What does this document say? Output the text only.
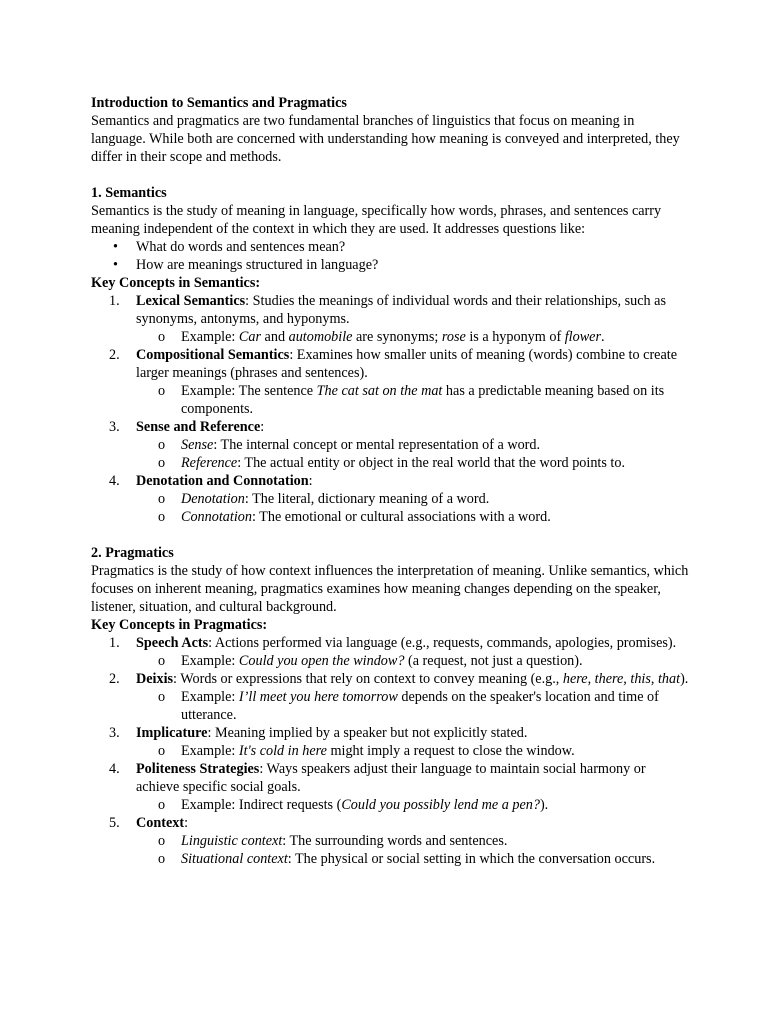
Introduction to Semantics and Pragmatics
Semantics and pragmatics are two fundamental branches of linguistics that focus on meaning in language. While both are concerned with understanding how meaning is conveyed and interpreted, they differ in their scope and methods.
1. Semantics
Semantics is the study of meaning in language, specifically how words, phrases, and sentences carry meaning independent of the context in which they are used. It addresses questions like:
• What do words and sentences mean?
• How are meanings structured in language?
Key Concepts in Semantics:
1. Lexical Semantics: Studies the meanings of individual words and their relationships, such as synonyms, antonyms, and hyponyms.
o Example: Car and automobile are synonyms; rose is a hyponym of flower.
2. Compositional Semantics: Examines how smaller units of meaning (words) combine to create larger meanings (phrases and sentences).
o Example: The sentence The cat sat on the mat has a predictable meaning based on its components.
3. Sense and Reference:
o Sense: The internal concept or mental representation of a word.
o Reference: The actual entity or object in the real world that the word points to.
4. Denotation and Connotation:
o Denotation: The literal, dictionary meaning of a word.
o Connotation: The emotional or cultural associations with a word.
2. Pragmatics
Pragmatics is the study of how context influences the interpretation of meaning. Unlike semantics, which focuses on inherent meaning, pragmatics examines how meaning changes depending on the speaker, listener, situation, and cultural background.
Key Concepts in Pragmatics:
1. Speech Acts: Actions performed via language (e.g., requests, commands, apologies, promises).
o Example: Could you open the window? (a request, not just a question).
2. Deixis: Words or expressions that rely on context to convey meaning (e.g., here, there, this, that).
o Example: I’ll meet you here tomorrow depends on the speaker's location and time of utterance.
3. Implicature: Meaning implied by a speaker but not explicitly stated.
o Example: It's cold in here might imply a request to close the window.
4. Politeness Strategies: Ways speakers adjust their language to maintain social harmony or achieve specific social goals.
o Example: Indirect requests (Could you possibly lend me a pen?).
5. Context:
o Linguistic context: The surrounding words and sentences.
o Situational context: The physical or social setting in which the conversation occurs.
